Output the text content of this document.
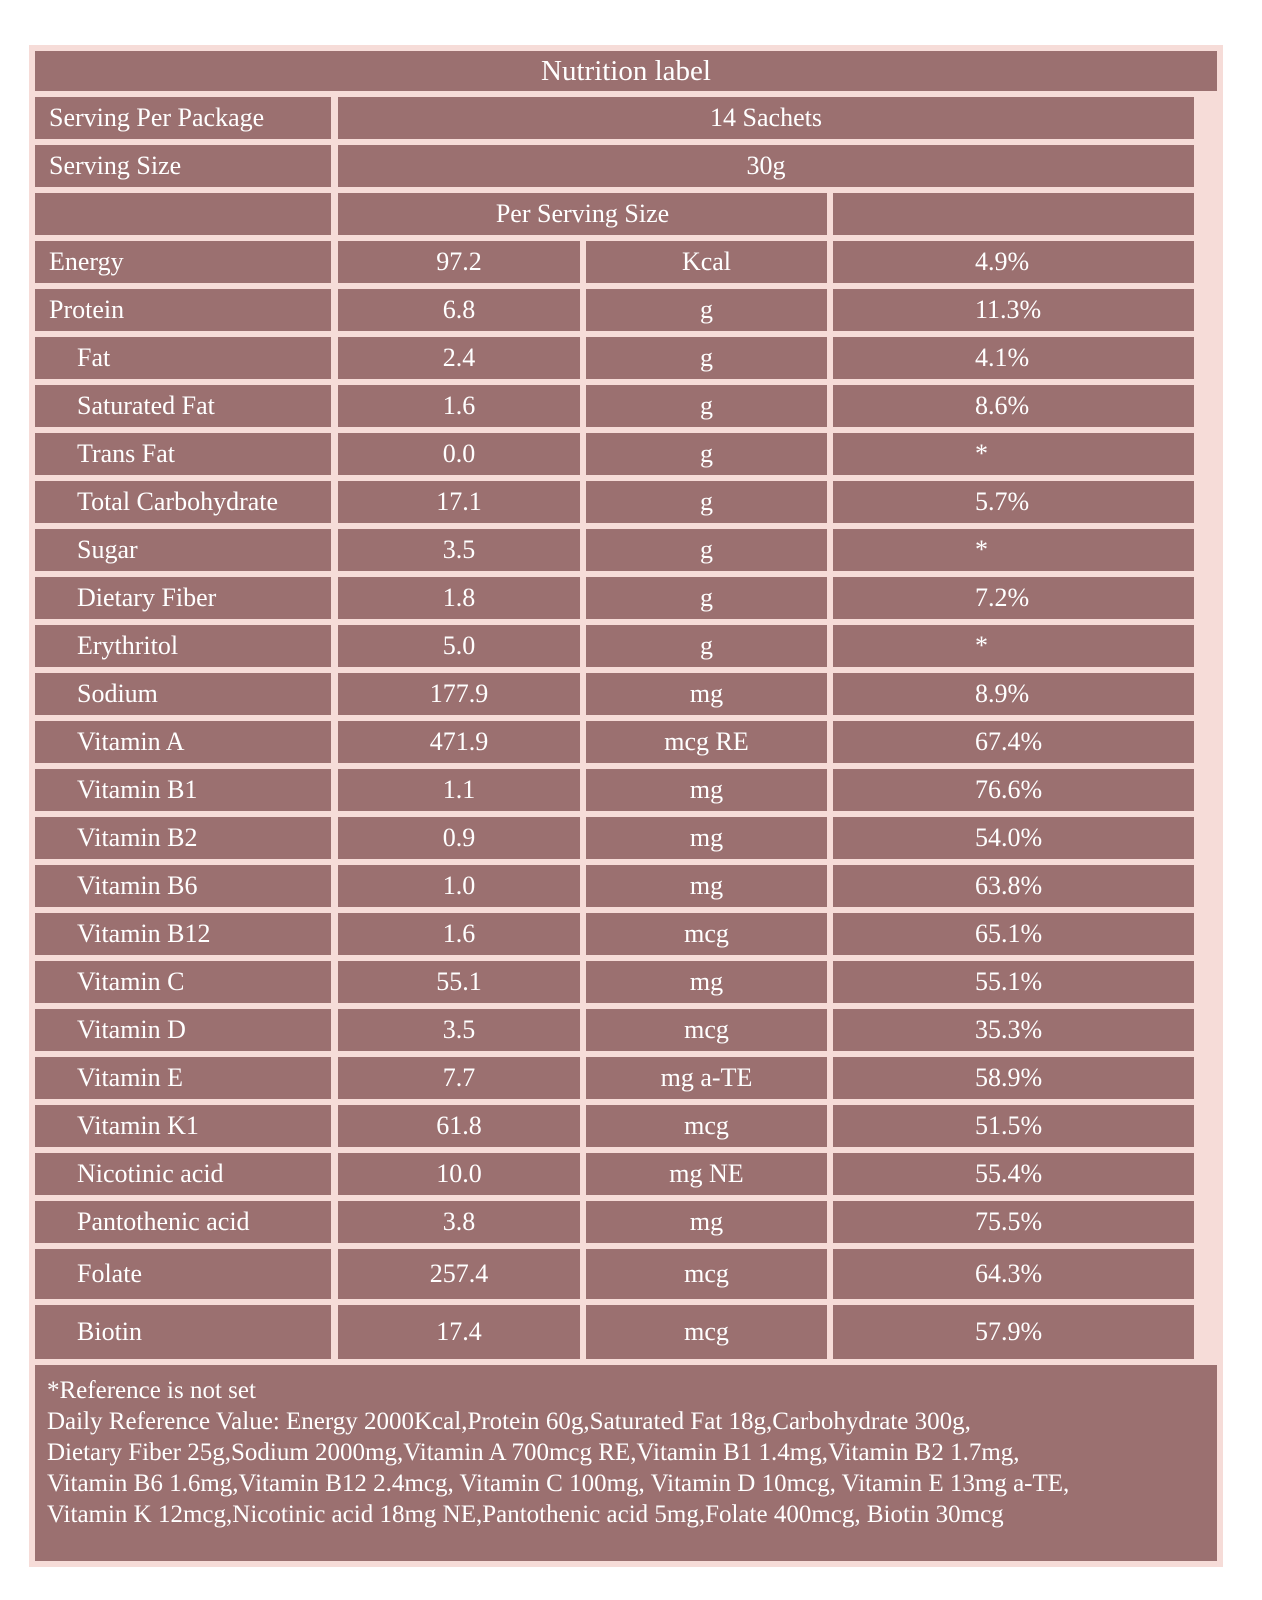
Nutrition label
Serving Per Package	14 Sachets
Serving Size	30g
Per Serving Size
Energy	97.2	Kcal	4.9%
Protein	6.8	g	11.3%
Fat	2.4	g	4.1%
Saturated Fat	1.6	g	8.6%
Trans Fat	0.0	g	*
Total Carbohydrate	17.1	g	5.7%
Sugar	3.5	g	*
Dietary Fiber	1.8	g	7.2%
Erythritol	5.0	g	*
Sodium	177.9	mg	8.9%
Vitamin A	471.9	mcg RE	67.4%
Vitamin B1	1.1	mg	76.6%
Vitamin B2	0.9	mg	54.0%
Vitamin B6	1.0	mg	63.8%
Vitamin B12	1.6	mcg	65.1%
Vitamin C	55.1	mg	55.1%
Vitamin D	3.5	mcg	35.3%
Vitamin E	7.7	mg a-TE	58.9%
Vitamin K1	61.8	mcg	51.5%
Nicotinic acid	10.0	mg NE	55.4%
Pantothenic acid	3.8	mg	75.5%
Folate	257.4	mcg	64.3%
Biotin	17.4	mcg	57.9%
*Reference is not set
Daily Reference Value: Energy 2000Kcal,Protein 60g,Saturated Fat 18g,Carbohydrate 300g,
Dietary Fiber 25g,Sodium 2000mg,Vitamin A 700mcg RE,Vitamin B1 1.4mg,Vitamin B2 1.7mg,
Vitamin B6 1.6mg,Vitamin B12 2.4mcg, Vitamin C 100mg, Vitamin D 10mcg, Vitamin E 13mg a-TE,
Vitamin K 12mcg,Nicotinic acid 18mg NE,Pantothenic acid 5mg,Folate 400mcg, Biotin 30mcg
